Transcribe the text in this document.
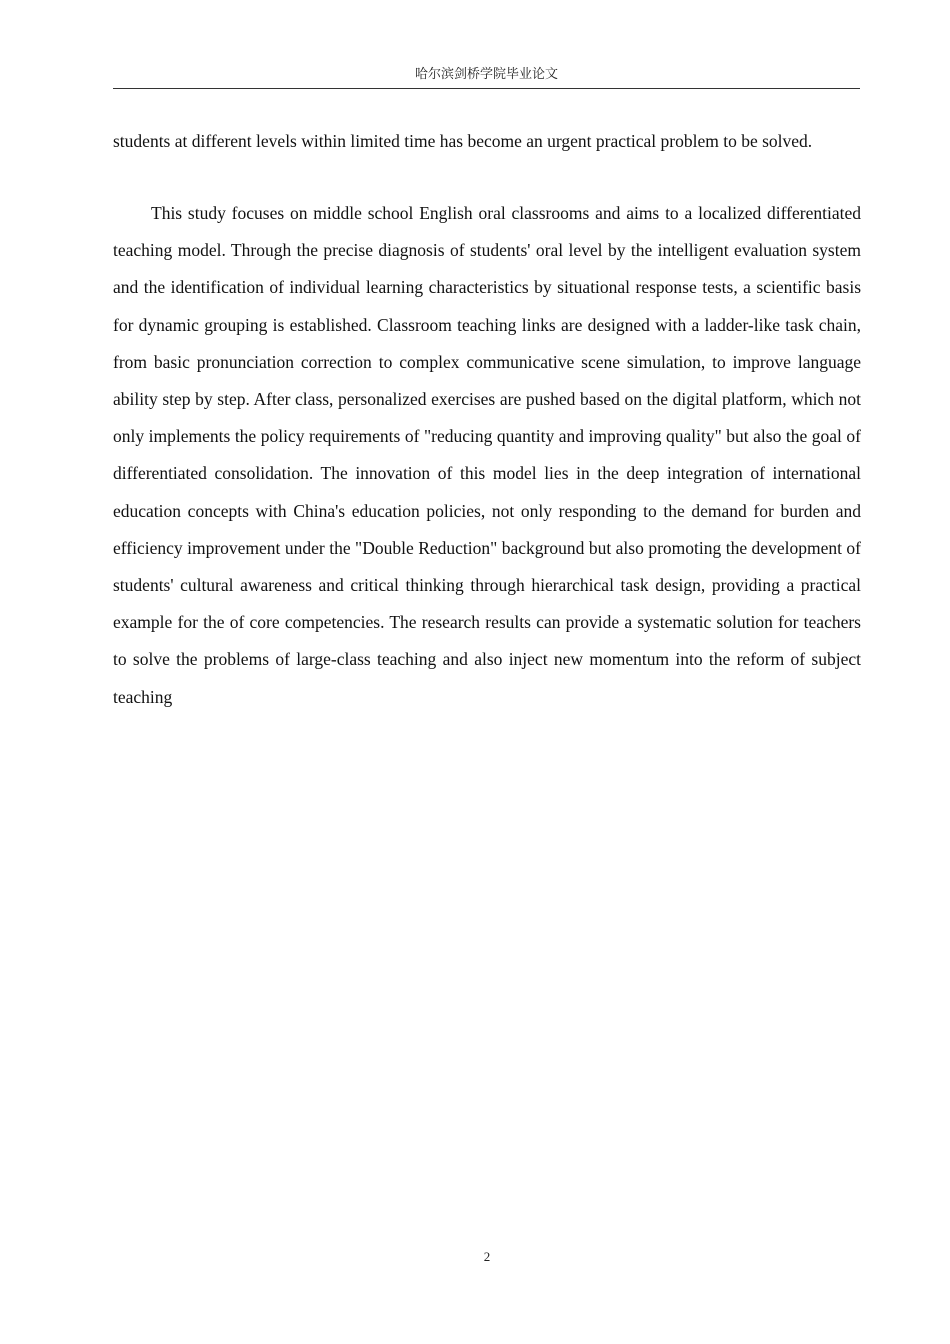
哈尔滨剑桥学院毕业论文

students at different levels within limited time has become an urgent practical problem to be solved.

This study focuses on middle school English oral classrooms and aims to a localized differentiated teaching model. Through the precise diagnosis of students' oral level by the intelligent evaluation system and the identification of individual learning characteristics by situational response tests, a scientific basis for dynamic grouping is established. Classroom teaching links are designed with a ladder-like task chain, from basic pronunciation correction to complex communicative scene simulation, to improve language ability step by step. After class, personalized exercises are pushed based on the digital platform, which not only implements the policy requirements of "reducing quantity and improving quality" but also the goal of differentiated consolidation. The innovation of this model lies in the deep integration of international education concepts with China's education policies, not only responding to the demand for burden and efficiency improvement under the "Double Reduction" background but also promoting the development of students' cultural awareness and critical thinking through hierarchical task design, providing a practical example for the of core competencies. The research results can provide a systematic solution for teachers to solve the problems of large-class teaching and also inject new momentum into the reform of subject teaching

2
